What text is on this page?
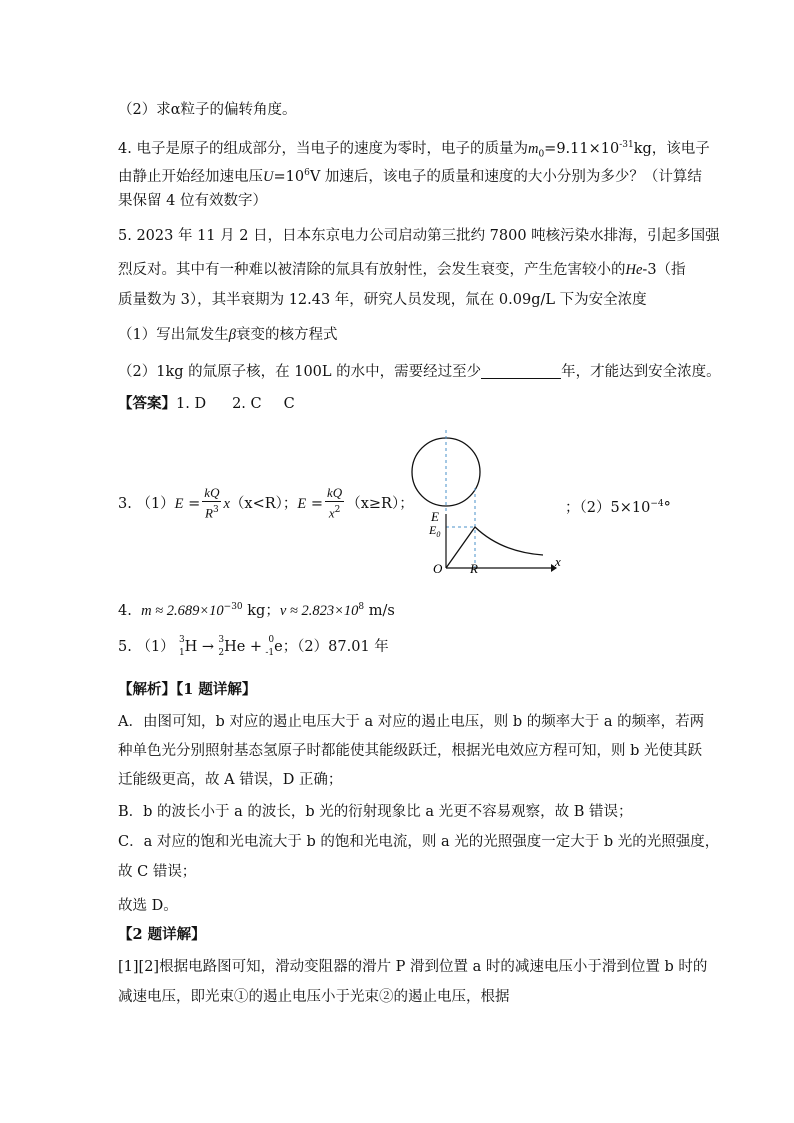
（2）求α粒子的偏转角度。
4. 电子是原子的组成部分，当电子的速度为零时，电子的质量为$m_0=9.11\times 10^{-31}kg$，该电子
由静止开始经加速电压$U=10^6V$ 加速后，该电子的质量和速度的大小分别为多少？（计算结
果保留 4 位有效数字）
5. 2023 年 11 月 2 日，日本东京电力公司启动第三批约 7800 吨核污染水排海，引起多国强
烈反对。其中有一种难以被清除的氚具有放射性，会发生衰变，产生危害较小的He-3（指
质量数为 3），其半衰期为 12.43 年，研究人员发现，氚在 0.09g/L 下为安全浓度
（1）写出氚发生β衰变的核方程式
（2）1kg 的氚原子核，在 100L 的水中，需要经过至少	年，才能达到安全浓度。
【答案】1. D 2. C C
3. $(1)E = \frac{kQ}{R^3} x(x<R)$；$E = \frac{kQ}{x^2} (x\ge R)$；	；$(2)5\times 10^{-4}^\circ$
E
$E_0$
O R	x
4. $m \approx 2.689\times 10^{-30}$ kg；$v \approx 2.823\times 10^8$ m/s
5. （1） 3
1 H → 3
2 He + 0
-1 e；（2）87.01 年
【解析】【1 题详解】
A．由图可知，b 对应的遏止电压大于 a 对应的遏止电压，则 b 的频率大于 a 的频率，若两
种单色光分别照射基态氢原子时都能使其能级跃迁，根据光电效应方程可知，则 b 光使其跃
迁能级更高，故 A 错误，D 正确；
B．b 的波长小于 a 的波长，b 光的衍射现象比 a 光更不容易观察，故 B 错误；
C．a 对应的饱和光电流大于 b 的饱和光电流，则 a 光的光照强度一定大于 b 光的光照强度，
故 C 错误；
故选 D。
【2 题详解】
[1][2]根据电路图可知，滑动变阻器的滑片 P 滑到位置 a 时的减速电压小于滑到位置 b 时的
减速电压，即光束①的遏止电压小于光束②的遏止电压，根据
